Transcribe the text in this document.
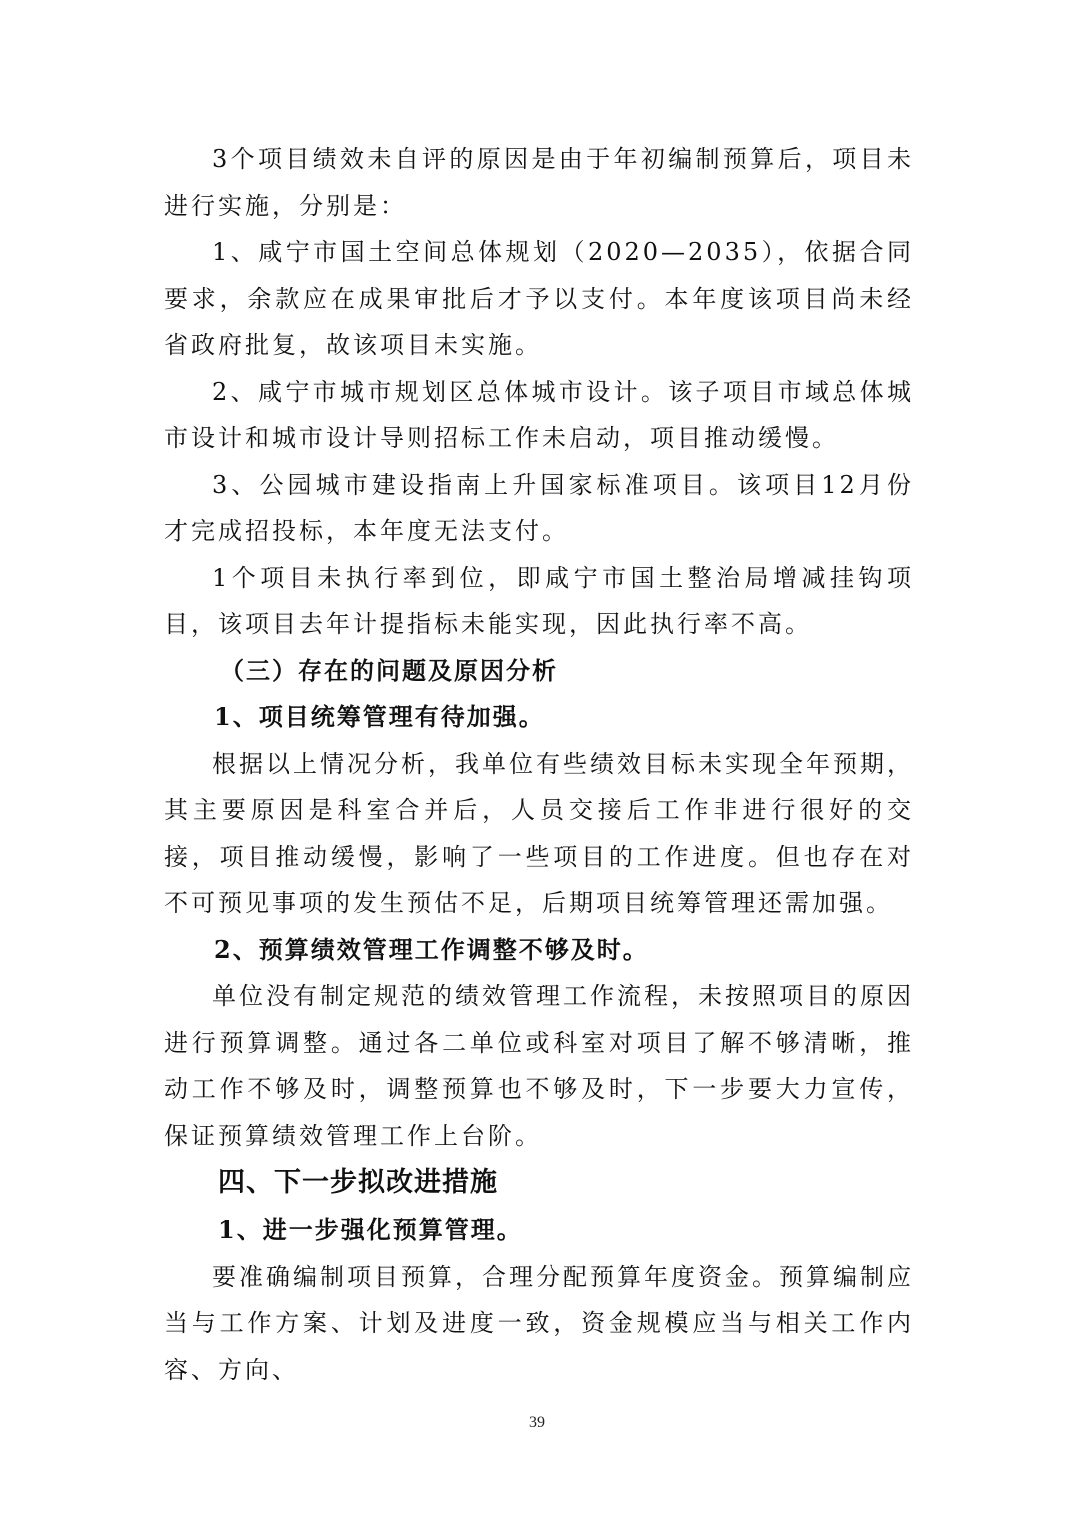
3个项目绩效未自评的原因是由于年初编制预算后，项目未进行实施，分别是：

1、咸宁市国土空间总体规划（2020—2035），依据合同要求，余款应在成果审批后才予以支付。本年度该项目尚未经省政府批复，故该项目未实施。

2、咸宁市城市规划区总体城市设计。该子项目市域总体城市设计和城市设计导则招标工作未启动，项目推动缓慢。

3、公园城市建设指南上升国家标准项目。该项目12月份才完成招投标，本年度无法支付。

1个项目未执行率到位，即咸宁市国土整治局增减挂钩项目，该项目去年计提指标未能实现，因此执行率不高。

（三）存在的问题及原因分析

1、项目统筹管理有待加强。

根据以上情况分析，我单位有些绩效目标未实现全年预期，其主要原因是科室合并后，人员交接后工作非进行很好的交接，项目推动缓慢，影响了一些项目的工作进度。但也存在对不可预见事项的发生预估不足，后期项目统筹管理还需加强。

2、预算绩效管理工作调整不够及时。

单位没有制定规范的绩效管理工作流程，未按照项目的原因进行预算调整。通过各二单位或科室对项目了解不够清晰，推动工作不够及时，调整预算也不够及时，下一步要大力宣传，保证预算绩效管理工作上台阶。

四、下一步拟改进措施

1、进一步强化预算管理。

要准确编制项目预算，合理分配预算年度资金。预算编制应当与工作方案、计划及进度一致，资金规模应当与相关工作内容、方向、

39
